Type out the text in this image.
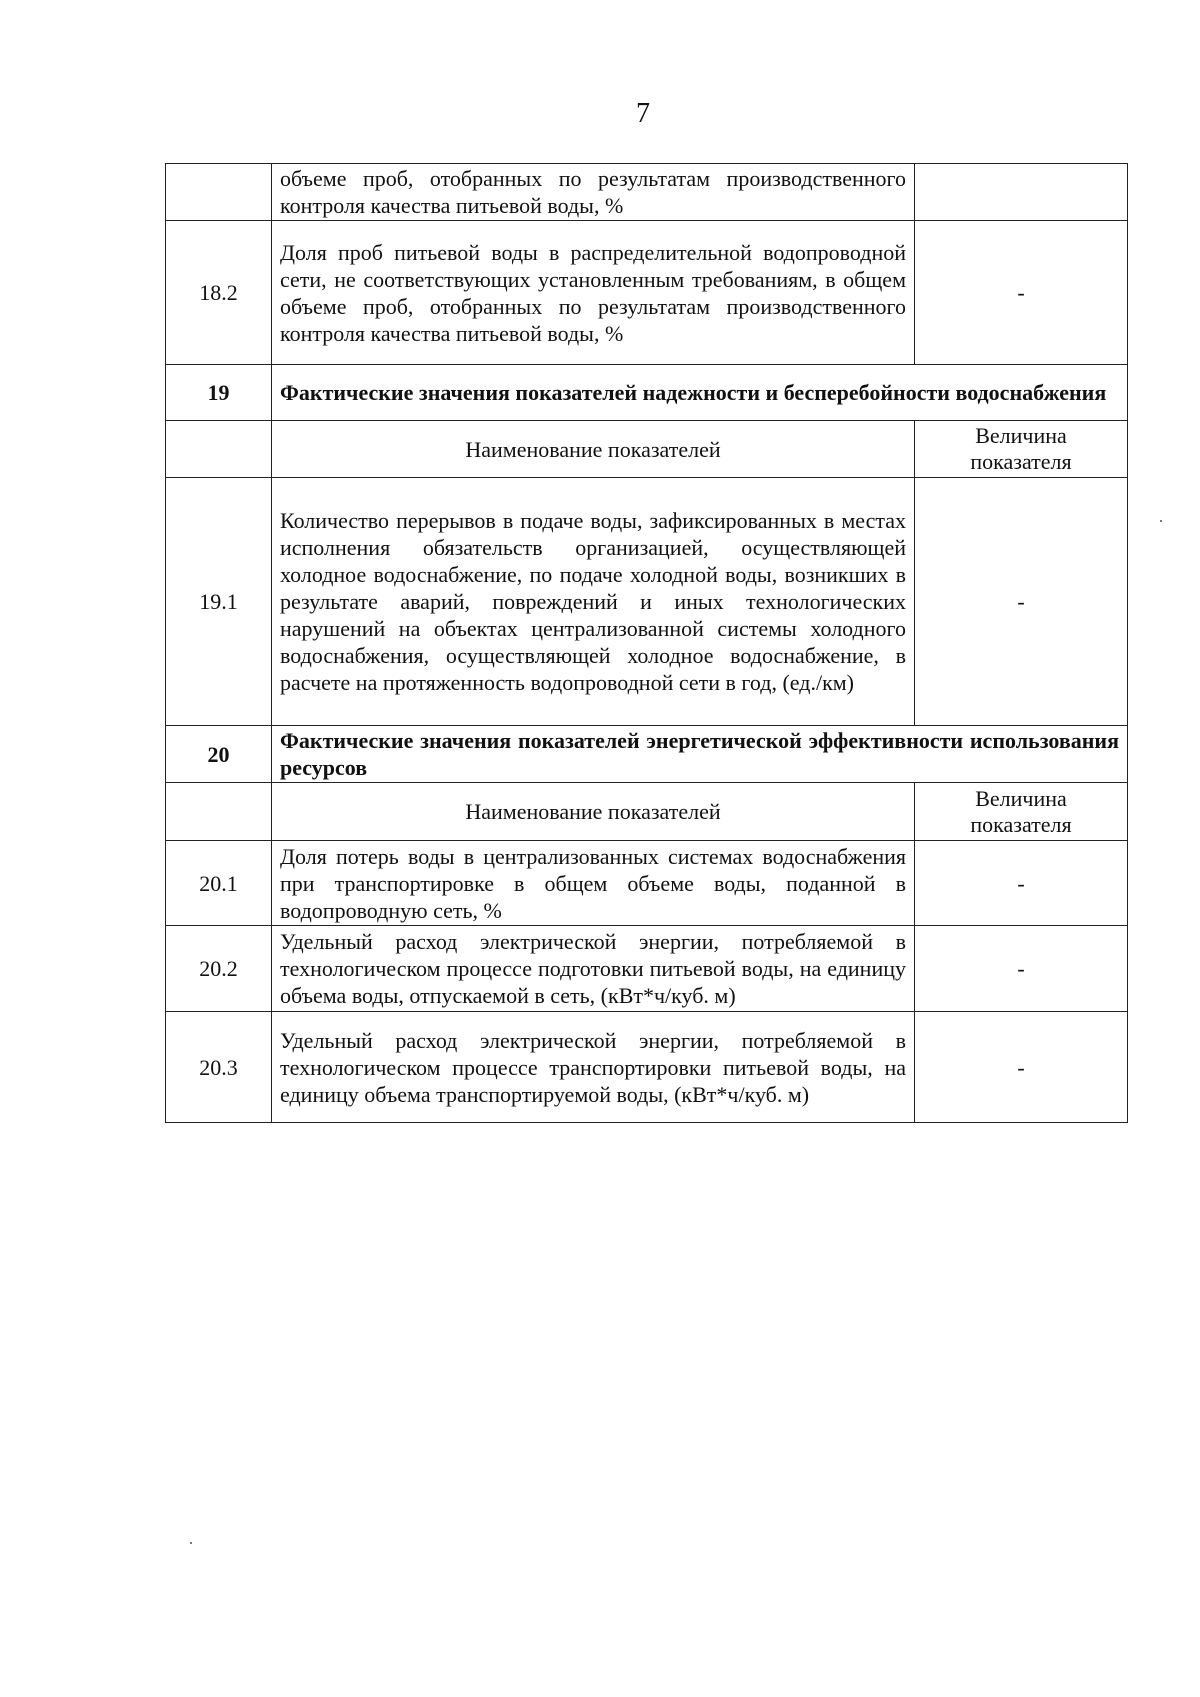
7
	объеме проб, отобранных по результатам производственного контроля качества питьевой воды, %	
18.2	Доля проб питьевой воды в распределительной водопроводной сети, не соответствующих установленным требованиям, в общем объеме проб, отобранных по результатам производственного контроля качества питьевой воды, %	-
19	Фактические значения показателей надежности и бесперебойности водоснабжения	
	Наименование показателей	Величина показателя
19.1	Количество перерывов в подаче воды, зафиксированных в местах исполнения обязательств организацией, осуществляющей холодное водоснабжение, по подаче холодной воды, возникших в результате аварий, повреждений и иных технологических нарушений на объектах централизованной системы холодного водоснабжения, осуществляющей холодное водоснабжение, в расчете на протяженность водопроводной сети в год, (ед./км)	-
20	Фактические значения показателей энергетической эффективности использования ресурсов	
	Наименование показателей	Величина показателя
20.1	Доля потерь воды в централизованных системах водоснабжения при транспортировке в общем объеме воды, поданной в водопроводную сеть, %	-
20.2	Удельный расход электрической энергии, потребляемой в технологическом процессе подготовки питьевой воды, на единицу объема воды, отпускаемой в сеть, (кВт*ч/куб. м)	-
20.3	Удельный расход электрической энергии, потребляемой в технологическом процессе транспортировки питьевой воды, на единицу объема транспортируемой воды, (кВт*ч/куб. м)	-
